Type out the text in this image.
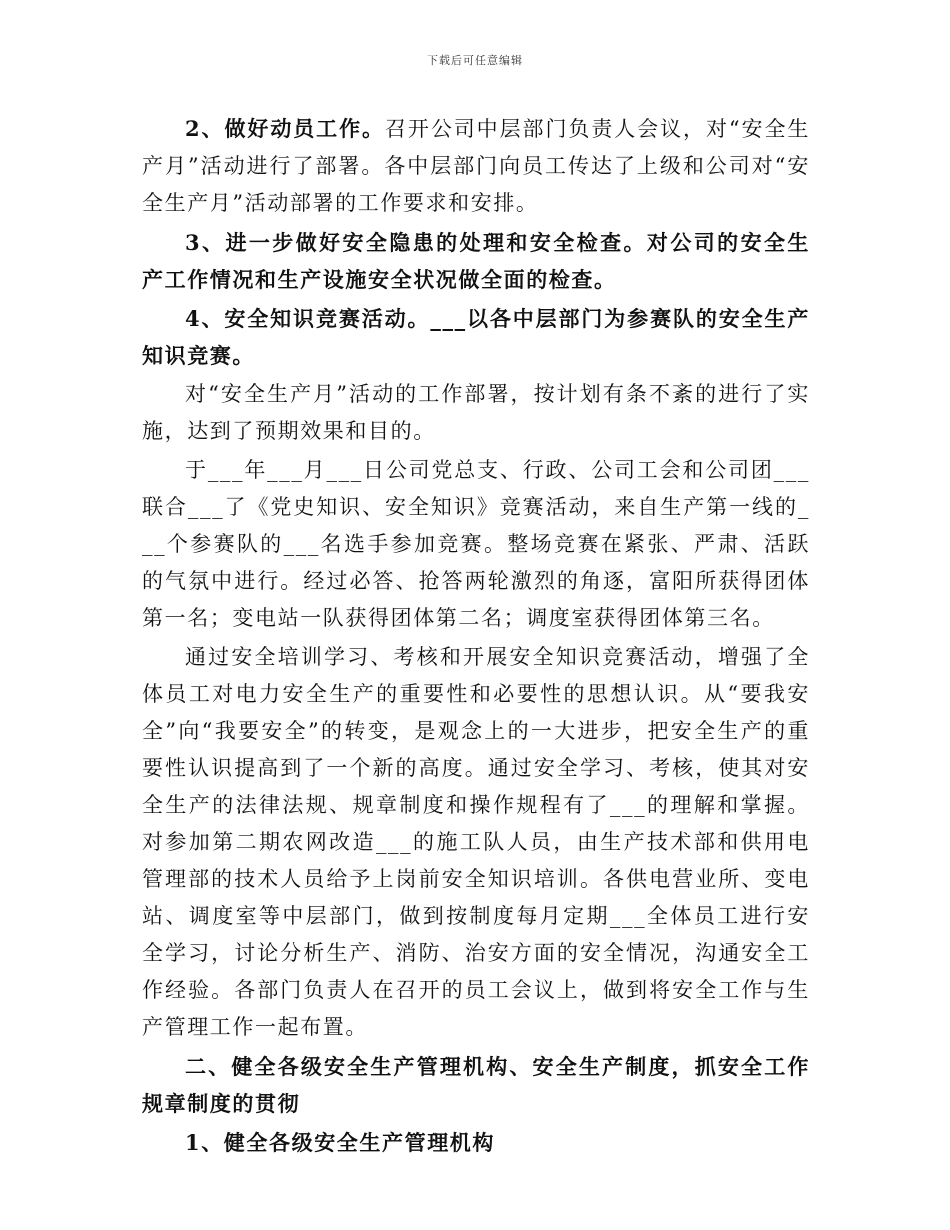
下载后可任意编辑

2、做好动员工作。召开公司中层部门负责人会议，对“安全生产月”活动进行了部署。各中层部门向员工传达了上级和公司对“安全生产月”活动部署的工作要求和安排。

3、进一步做好安全隐患的处理和安全检查。对公司的安全生产工作情况和生产设施安全状况做全面的检查。

4、安全知识竞赛活动。___以各中层部门为参赛队的安全生产知识竞赛。

对“安全生产月”活动的工作部署，按计划有条不紊的进行了实施，达到了预期效果和目的。

于___年___月___日公司党总支、行政、公司工会和公司团___联合___了《党史知识、安全知识》竞赛活动，来自生产第一线的___个参赛队的___名选手参加竞赛。整场竞赛在紧张、严肃、活跃的气氛中进行。经过必答、抢答两轮激烈的角逐，富阳所获得团体第一名；变电站一队获得团体第二名；调度室获得团体第三名。

通过安全培训学习、考核和开展安全知识竞赛活动，增强了全体员工对电力安全生产的重要性和必要性的思想认识。从“要我安全”向“我要安全”的转变，是观念上的一大进步，把安全生产的重要性认识提高到了一个新的高度。通过安全学习、考核，使其对安全生产的法律法规、规章制度和操作规程有了___的理解和掌握。对参加第二期农网改造___的施工队人员，由生产技术部和供用电管理部的技术人员给予上岗前安全知识培训。各供电营业所、变电站、调度室等中层部门，做到按制度每月定期___全体员工进行安全学习，讨论分析生产、消防、治安方面的安全情况，沟通安全工作经验。各部门负责人在召开的员工会议上，做到将安全工作与生产管理工作一起布置。

二、健全各级安全生产管理机构、安全生产制度，抓安全工作规章制度的贯彻

1、健全各级安全生产管理机构
